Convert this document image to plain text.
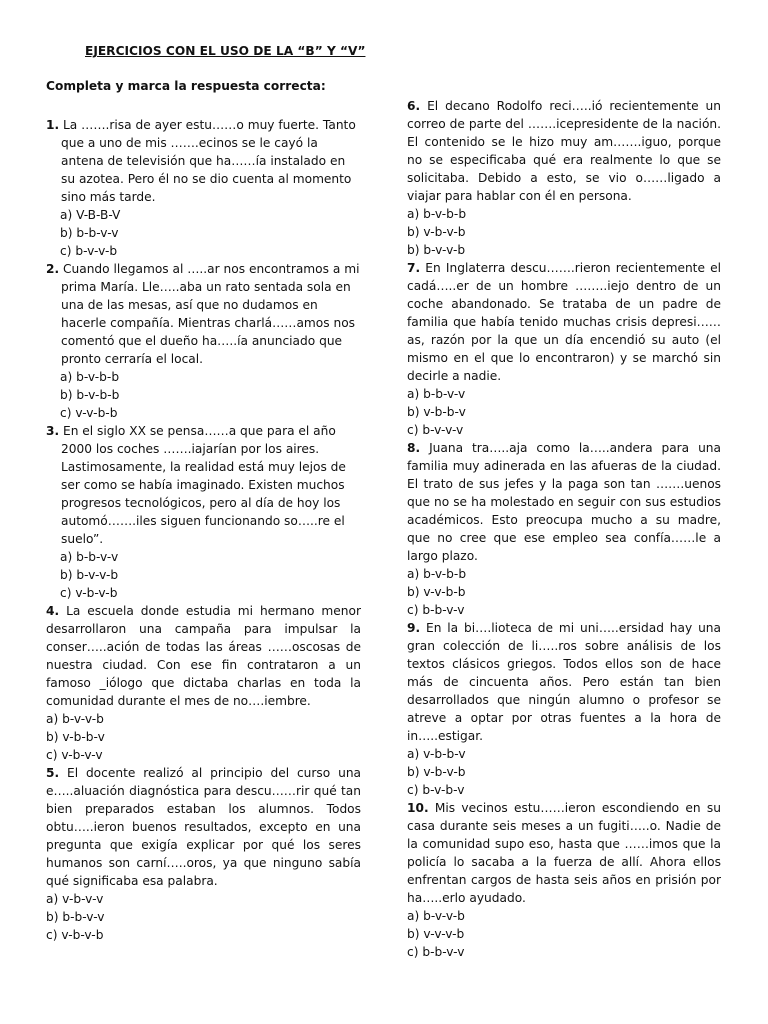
EJERCICIOS CON EL USO DE LA “B” Y “V”
Completa y marca la respuesta correcta:

1. La …….risa de ayer estu……o muy fuerte. Tanto que a uno de mis …….ecinos se le cayó la antena de televisión que ha……ía instalado en su azotea. Pero él no se dio cuenta al momento sino más tarde.

a) V-B-B-V
b) b-b-v-v
c) b-v-v-b

2. Cuando llegamos al …..ar nos encontramos a mi prima María. Lle…..aba un rato sentada sola en una de las mesas, así que no dudamos en hacerle compañía. Mientras charlá……amos nos comentó que el dueño ha…..ía anunciado que pronto cerraría el local.

a) b-v-b-b
b) b-v-b-b
c) v-v-b-b

3. En el siglo XX se pensa……a que para el año 2000 los coches …….iajarían por los aires. Lastimosamente, la realidad está muy lejos de ser como se había imaginado. Existen muchos progresos tecnológicos, pero al día de hoy los automó…….iles siguen funcionando so…..re el suelo”.

a) b-b-v-v
b) b-v-v-b
c) v-b-v-b

4. La escuela donde estudia mi hermano menor desarrollaron una campaña para impulsar la conser…..ación de todas las áreas ……oscosas de nuestra ciudad. Con ese fin contrataron a un famoso _iólogo que dictaba charlas en toda la comunidad durante el mes de no….iembre.

a) b-v-v-b
b) v-b-b-v
c) v-b-v-v

5. El docente realizó al principio del curso una e…..aluación diagnóstica para descu……rir qué tan bien preparados estaban los alumnos. Todos obtu…..ieron buenos resultados, excepto en una pregunta que exigía explicar por qué los seres humanos son carní…..oros, ya que ninguno sabía qué significaba esa palabra.

a) v-b-v-v
b) b-b-v-v
c) v-b-v-b

6. El decano Rodolfo reci…..ió recientemente un correo de parte del …….icepresidente de la nación. El contenido se le hizo muy am…….iguo, porque no se especificaba qué era realmente lo que se solicitaba. Debido a esto, se vio o……ligado a viajar para hablar con él en persona.

a) b-v-b-b
b) v-b-v-b
b) b-v-v-b

7. En Inglaterra descu…….rieron recientemente el cadá…..er de un hombre ……..iejo dentro de un coche abandonado. Se trataba de un padre de familia que había tenido muchas crisis depresi……as, razón por la que un día encendió su auto (el mismo en el que lo encontraron) y se marchó sin decirle a nadie.

a) b-b-v-v
b) v-b-b-v
c) b-v-v-v

8. Juana tra…..aja como la…..andera para una familia muy adinerada en las afueras de la ciudad. El trato de sus jefes y la paga son tan …….uenos que no se ha molestado en seguir con sus estudios académicos. Esto preocupa mucho a su madre, que no cree que ese empleo sea confía……le a largo plazo.

a) b-v-b-b
b) v-v-b-b
c) b-b-v-v

9. En la bi….lioteca de mi uni…..ersidad hay una gran colección de li…..ros sobre análisis de los textos clásicos griegos. Todos ellos son de hace más de cincuenta años. Pero están tan bien desarrollados que ningún alumno o profesor se atreve a optar por otras fuentes a la hora de in…..estigar.

a) v-b-b-v
b) v-b-v-b
c) b-v-b-v

10. Mis vecinos estu……ieron escondiendo en su casa durante seis meses a un fugiti…..o. Nadie de la comunidad supo eso, hasta que ……imos que la policía lo sacaba a la fuerza de allí. Ahora ellos enfrentan cargos de hasta seis años en prisión por ha…..erlo ayudado.

a) b-v-v-b
b) v-v-v-b
c) b-b-v-v
